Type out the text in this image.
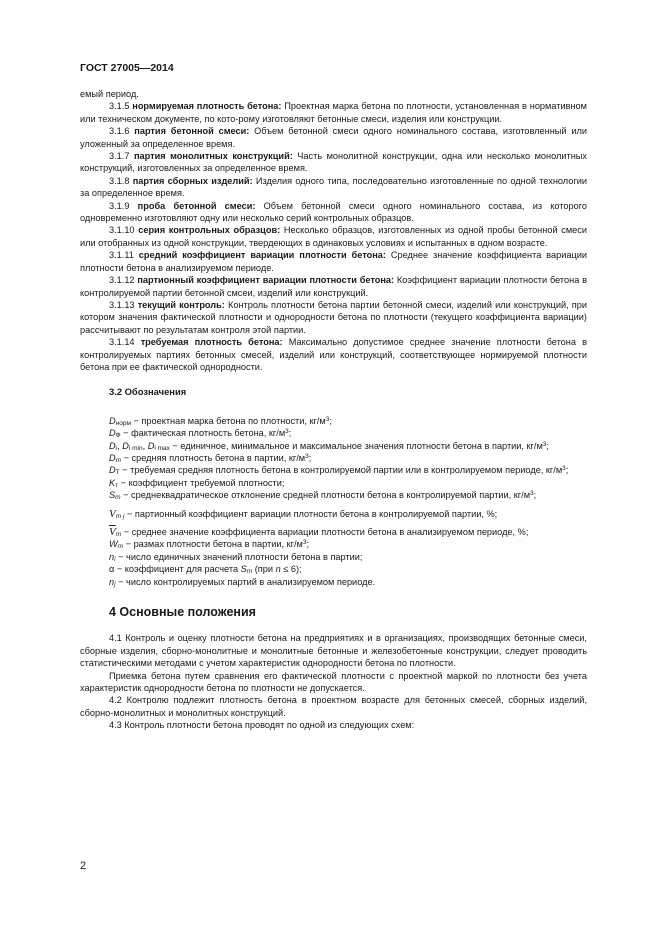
ГОСТ 27005—2014

емый период.

3.1.5 нормируемая плотность бетона: Проектная марка бетона по плотности, установленная в нормативном или техническом документе, по кото-рому изготовляют бетонные смеси, изделия или конструкции.

3.1.6 партия бетонной смеси: Объем бетонной смеси одного номинального состава, изготовленный или уложенный за определенное время.

3.1.7 партия монолитных конструкций: Часть монолитной конструкции, одна или несколько монолитных конструкций, изготовленных за определенное время.

3.1.8 партия сборных изделий: Изделия одного типа, последовательно изготовленные по одной технологии за определенное время.

3.1.9 проба бетонной смеси: Объем бетонной смеси одного номинального состава, из которого одновременно изготовляют одну или несколько серий контрольных образцов.

3.1.10 серия контрольных образцов: Несколько образцов, изготовленных из одной пробы бетонной смеси или отобранных из одной конструкции, твердеющих в одинаковых условиях и испытанных в одном возрасте.

3.1.11 средний коэффициент вариации плотности бетона: Среднее значение коэффициента вариации плотности бетона в анализируемом периоде.

3.1.12 партионный коэффициент вариации плотности бетона: Коэффициент вариации плотности бетона в контролируемой партии бетонной смсеи, изделий или конструкций.

3.1.13 текущий контроль: Контроль плотности бетона партии бетонной смеси, изделий или конструкций, при котором значения фактической плотности и однородности бетона по плотности (текущего коэффициента вариации) рассчитывают по результатам контроля этой партии.

3.1.14 требуемая плотность бетона: Максимально допустимое среднее значение плотности бетона в контролируемых партиях бетонных смесей, изделий или конструкций, соответствующее нормируемой плотности бетона при ее фактической однородности.

3.2 Обозначения

$D_{норм}$ − проектная марка бетона по плотности, $кг/м^3$;

$D_Ф$ − фактическая плотность бетона, $кг/м^3$;

$D_i$, $D_{i min}$, $D_{i max}$ − единичное, минимальное и максимальное значения плотности бетона в партии, $кг/м^3$;

$D_m$ − средняя плотность бетона в партии, $кг/м^3$;

$D_Т$ − требуемая средняя плотность бетона в контролируемой партии или в контролируемом периоде, $кг/м^3$;

$K_т$ − коэффициент требуемой плотности;

$S_m$ − среднеквадратическое отклонение средней плотности бетона в контролируемой партии, $кг/м^3$;

$V_{m j}$ − партионный коэффициент вариации плотности бетона в контролируемой партии, %;

$\overline{V}_m$ − среднее значение коэффициента вариации плотности бетона в анализируемом периоде, %;

$W_m$ − размах плотности бетона в партии, $кг/м^3$;

$n_i$ − число единичных значений плотности бетона в партии;

α − коэффициент для расчета $S_m$ (при n ≤ 6);

$n_j$ − число контролируемых партий в анализируемом периоде.

4 Основные положения

4.1 Контроль и оценку плотности бетона на предприятиях и в организациях, производящих бетонные смеси, сборные изделия, сборно-монолитные и монолитные бетонные и железобетонные конструкции, следует проводить статистическими методами с учетом характеристик однородности бетона по плотности.

Приемка бетона путем сравнения его фактической плотности с проектной маркой по плотности без учета характеристик однородности бетона по плотности не допускается.

4.2 Контролю подлежит плотность бетона в проектном возрасте для бетонных смесей, сборных изделий, сборно-монолитных и монолитных конструкций.

4.3 Контроль плотности бетона проводят по одной из следующих схем:

2
